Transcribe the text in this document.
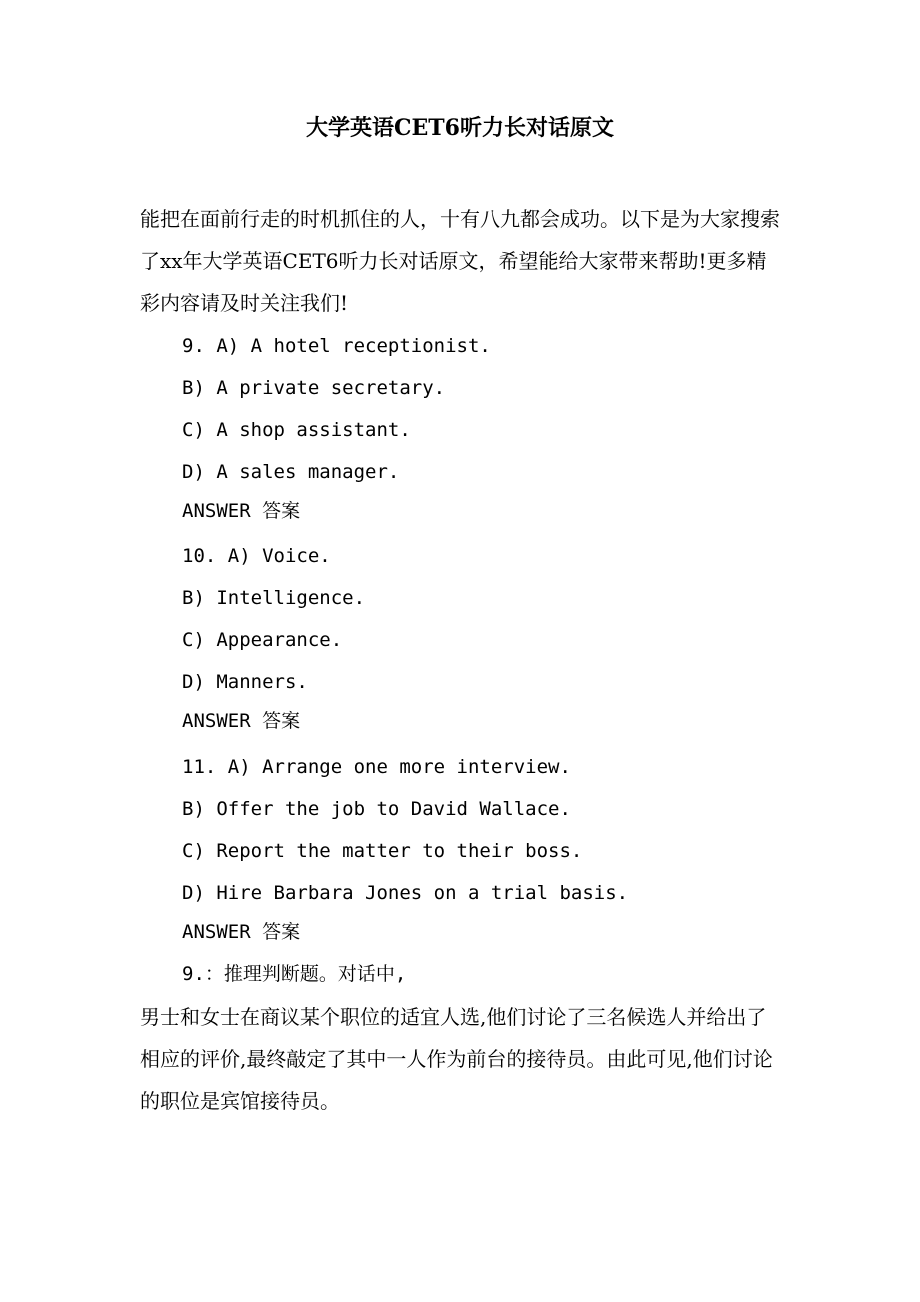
大学英语CET6听力长对话原文
能把在面前行走的时机抓住的人，十有八九都会成功。以下是为大家搜索了xx年大学英语CET6听力长对话原文，希望能给大家带来帮助!更多精彩内容请及时关注我们!
9. A) A hotel receptionist.
B) A private secretary.
C) A shop assistant.
D) A sales manager.
ANSWER 答案
10. A) Voice.
B) Intelligence.
C) Appearance.
D) Manners.
ANSWER 答案
11. A) Arrange one more interview.
B) Offer the job to David Wallace.
C) Report the matter to their boss.
D) Hire Barbara Jones on a trial basis.
ANSWER 答案
9.：推理判断题。对话中,
男士和女士在商议某个职位的适宜人选,他们讨论了三名候选人并给出了相应的评价,最终敲定了其中一人作为前台的接待员。由此可见,他们讨论的职位是宾馆接待员。
